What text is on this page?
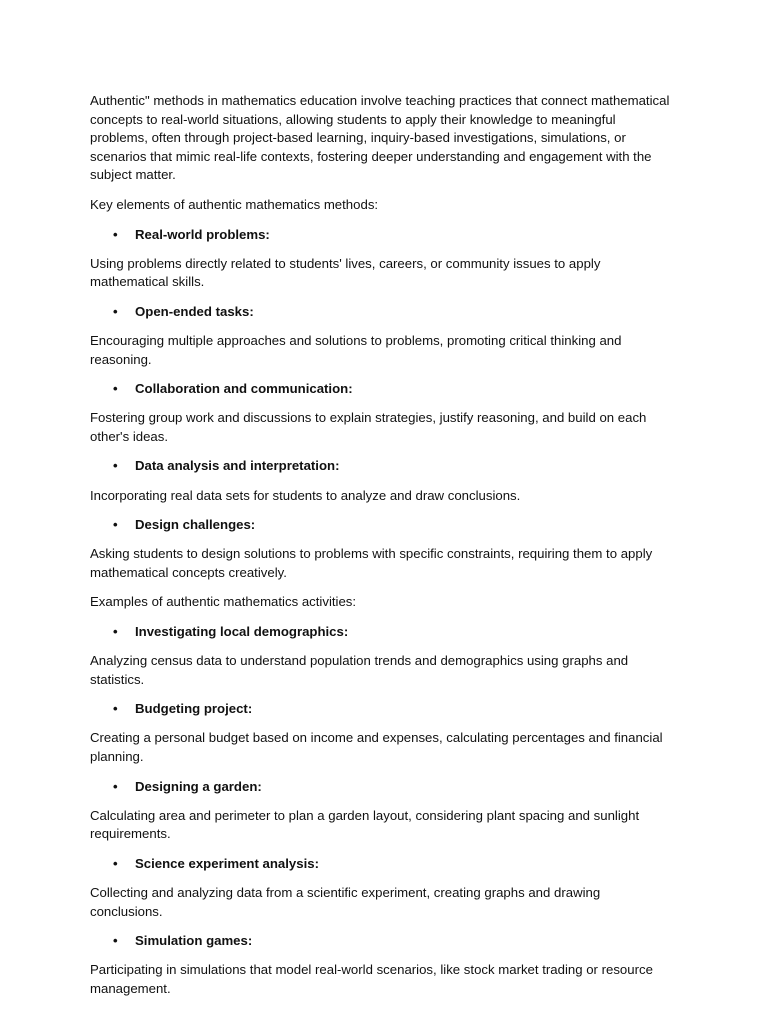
Authentic" methods in mathematics education involve teaching practices that connect mathematical concepts to real-world situations, allowing students to apply their knowledge to meaningful problems, often through project-based learning, inquiry-based investigations, simulations, or scenarios that mimic real-life contexts, fostering deeper understanding and engagement with the subject matter.

Key elements of authentic mathematics methods:

•	Real-world problems:

Using problems directly related to students' lives, careers, or community issues to apply mathematical skills.

•	Open-ended tasks:

Encouraging multiple approaches and solutions to problems, promoting critical thinking and reasoning.

•	Collaboration and communication:

Fostering group work and discussions to explain strategies, justify reasoning, and build on each other's ideas.

•	Data analysis and interpretation:

Incorporating real data sets for students to analyze and draw conclusions.

•	Design challenges:

Asking students to design solutions to problems with specific constraints, requiring them to apply mathematical concepts creatively.

Examples of authentic mathematics activities:

•	Investigating local demographics:

Analyzing census data to understand population trends and demographics using graphs and statistics.

•	Budgeting project:

Creating a personal budget based on income and expenses, calculating percentages and financial planning.

•	Designing a garden:

Calculating area and perimeter to plan a garden layout, considering plant spacing and sunlight requirements.

•	Science experiment analysis:

Collecting and analyzing data from a scientific experiment, creating graphs and drawing conclusions.

•	Simulation games:

Participating in simulations that model real-world scenarios, like stock market trading or resource management.
